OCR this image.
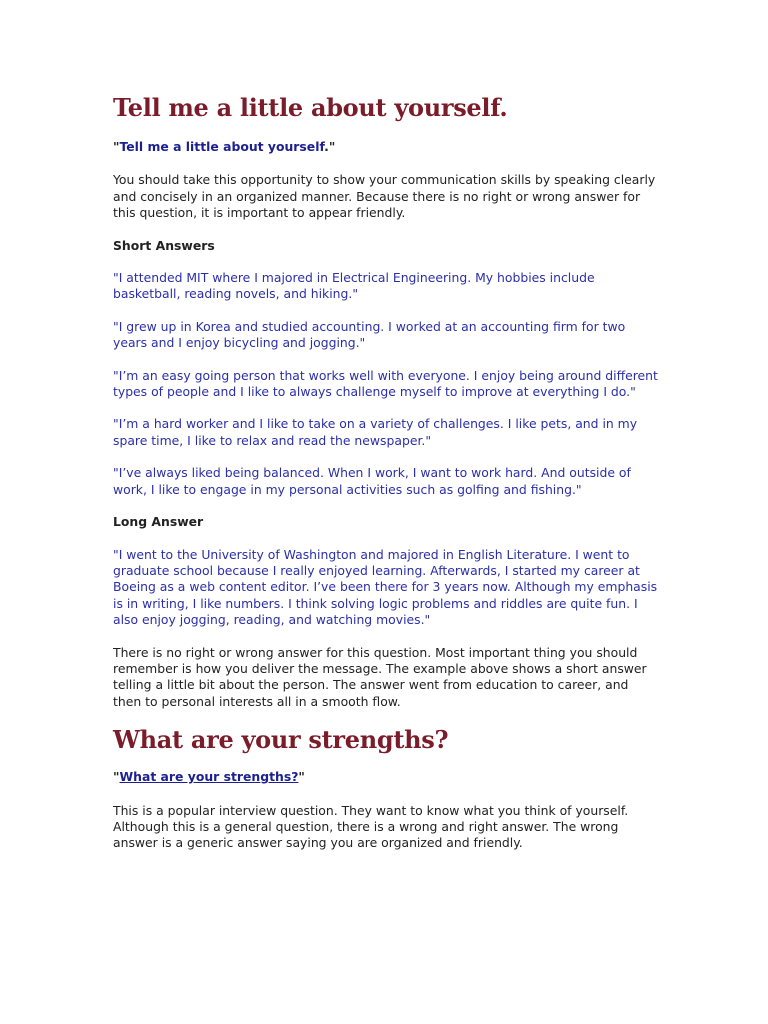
Tell me a little about yourself.

"Tell me a little about yourself."

You should take this opportunity to show your communication skills by speaking clearly and concisely in an organized manner. Because there is no right or wrong answer for this question, it is important to appear friendly.

Short Answers

"I attended MIT where I majored in Electrical Engineering. My hobbies include basketball, reading novels, and hiking."

"I grew up in Korea and studied accounting. I worked at an accounting firm for two years and I enjoy bicycling and jogging."

"I’m an easy going person that works well with everyone. I enjoy being around different types of people and I like to always challenge myself to improve at everything I do."

"I’m a hard worker and I like to take on a variety of challenges. I like pets, and in my spare time, I like to relax and read the newspaper."

"I’ve always liked being balanced. When I work, I want to work hard. And outside of work, I like to engage in my personal activities such as golfing and fishing."

Long Answer

"I went to the University of Washington and majored in English Literature. I went to graduate school because I really enjoyed learning. Afterwards, I started my career at Boeing as a web content editor. I’ve been there for 3 years now. Although my emphasis is in writing, I like numbers. I think solving logic problems and riddles are quite fun. I also enjoy jogging, reading, and watching movies."

There is no right or wrong answer for this question. Most important thing you should remember is how you deliver the message. The example above shows a short answer telling a little bit about the person. The answer went from education to career, and then to personal interests all in a smooth flow.

What are your strengths?

"What are your strengths?"

This is a popular interview question. They want to know what you think of yourself. Although this is a general question, there is a wrong and right answer. The wrong answer is a generic answer saying you are organized and friendly.
